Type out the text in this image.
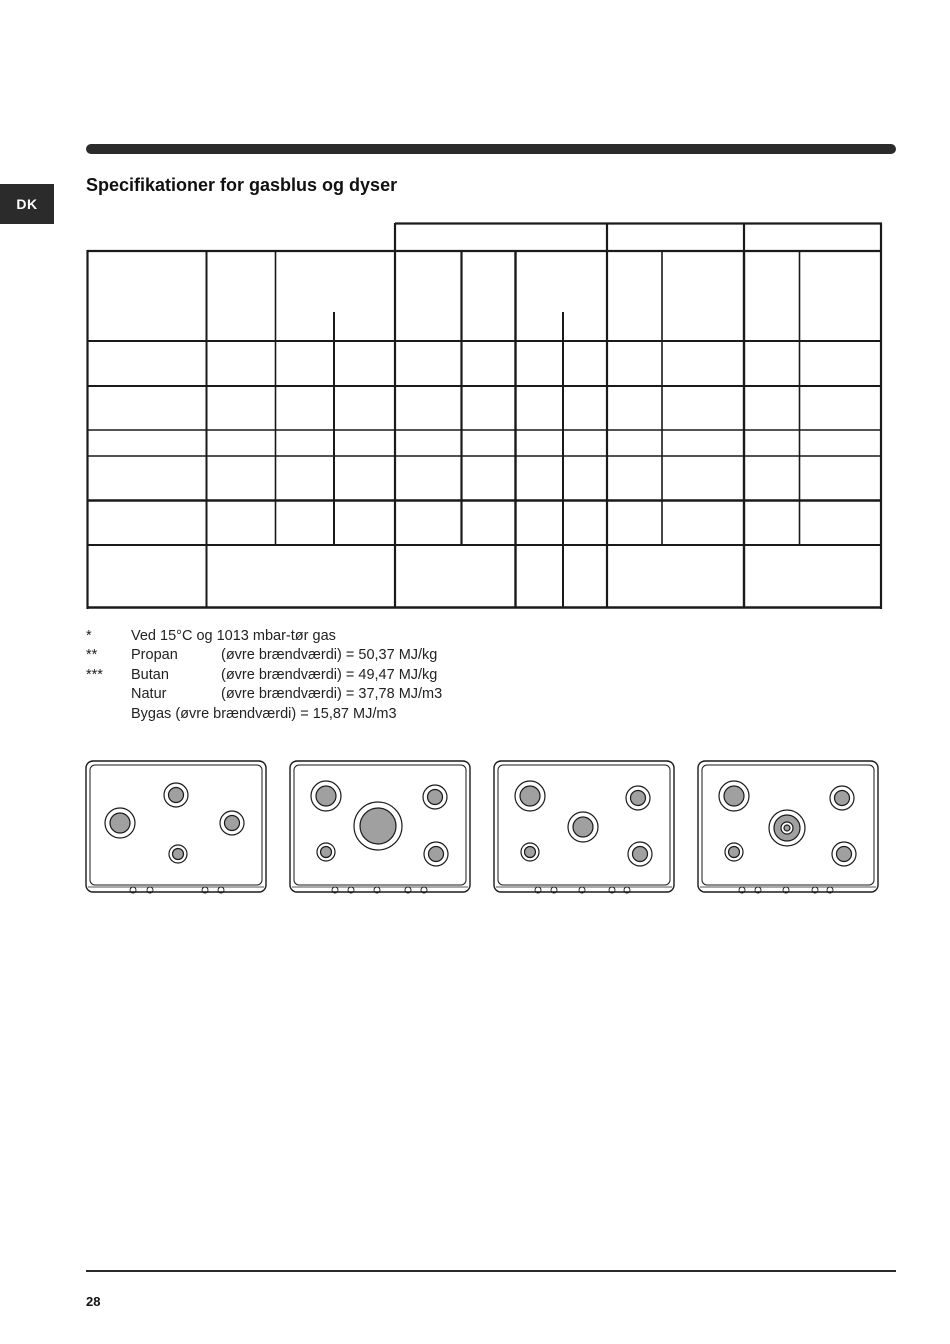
DK
Specifikationer for gasblus og dyser
*	Ved 15°C og 1013 mbar-tør gas
** Propan	(øvre brændværdi) = 50,37 MJ/kg
*** Butan	(øvre brændværdi) = 49,47 MJ/kg
Natur	(øvre brændværdi) = 37,78 MJ/m3
Bygas (øvre brændværdi) = 15,87 MJ/m3
28
